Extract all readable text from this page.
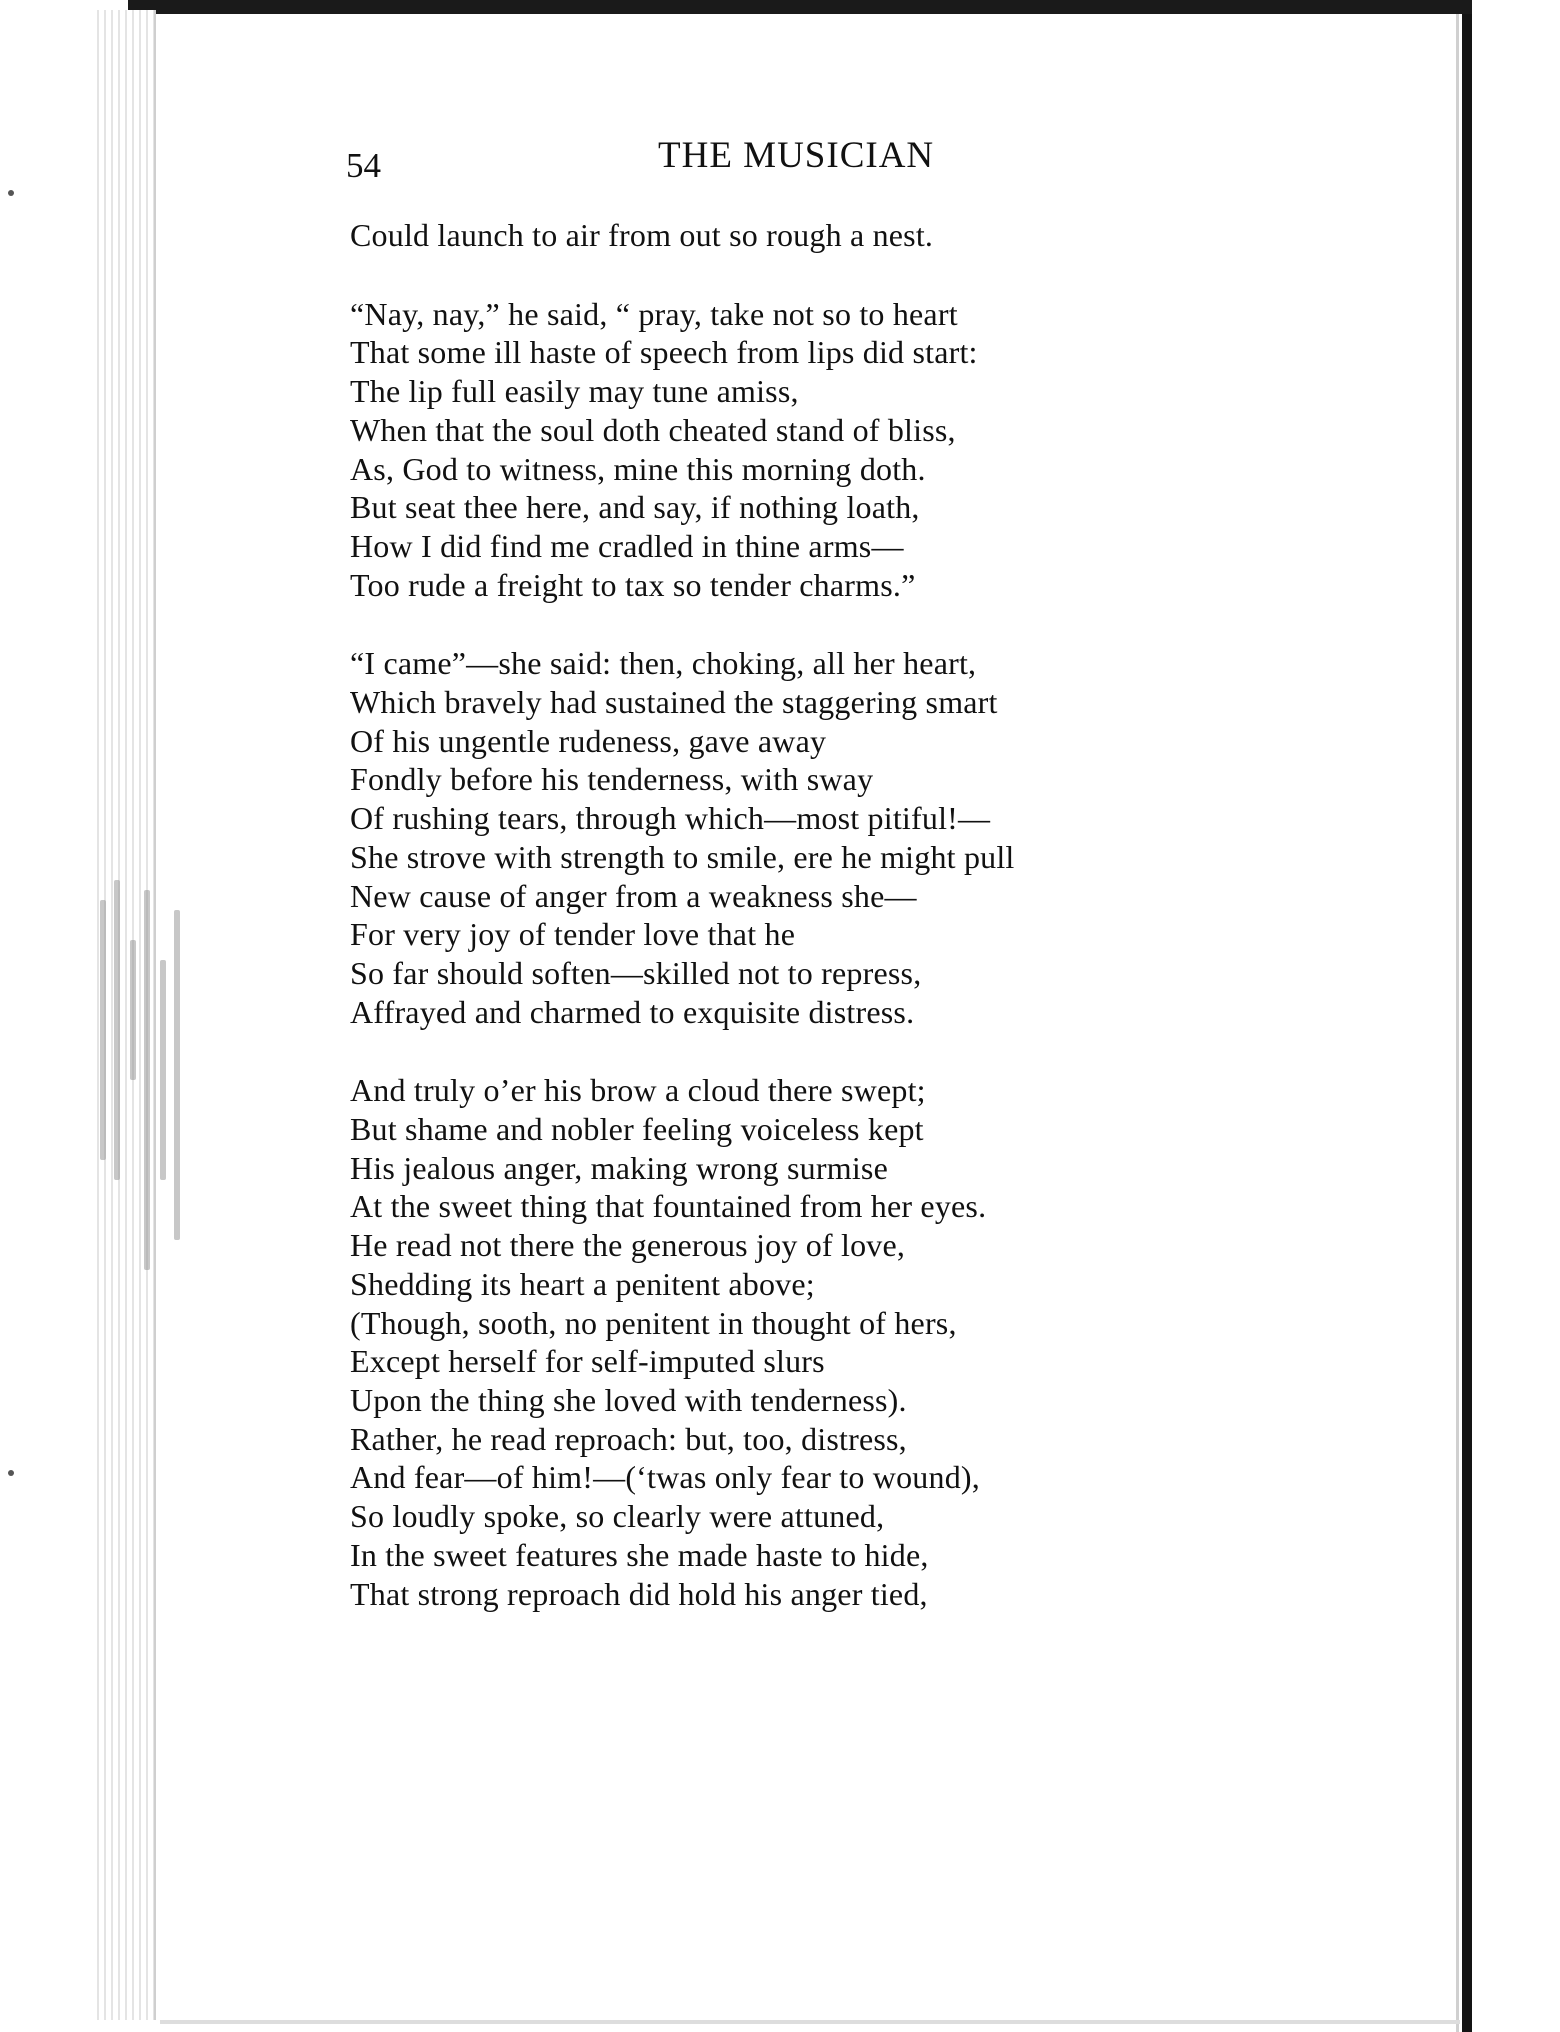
54	THE MUSICIAN
Could launch to air from out so rough a nest.
“Nay, nay,” he said, “ pray, take not so to heart
That some ill haste of speech from lips did start:
The lip full easily may tune amiss,
When that the soul doth cheated stand of bliss,
As, God to witness, mine this morning doth.
But seat thee here, and say, if nothing loath,
How I did find me cradled in thine arms—
Too rude a freight to tax so tender charms.”
“I came”—she said: then, choking, all her heart,
Which bravely had sustained the staggering smart
Of his ungentle rudeness, gave away
Fondly before his tenderness, with sway
Of rushing tears, through which—most pitiful!—
She strove with strength to smile, ere he might pull
New cause of anger from a weakness she—
For very joy of tender love that he
So far should soften—skilled not to repress,
Affrayed and charmed to exquisite distress.
And truly o’er his brow a cloud there swept;
But shame and nobler feeling voiceless kept
His jealous anger, making wrong surmise
At the sweet thing that fountained from her eyes.
He read not there the generous joy of love,
Shedding its heart a penitent above;
(Though, sooth, no penitent in thought of hers,
Except herself for self-imputed slurs
Upon the thing she loved with tenderness).
Rather, he read reproach: but, too, distress,
And fear—of him!—(‘twas only fear to wound),
So loudly spoke, so clearly were attuned,
In the sweet features she made haste to hide,
That strong reproach did hold his anger tied,
